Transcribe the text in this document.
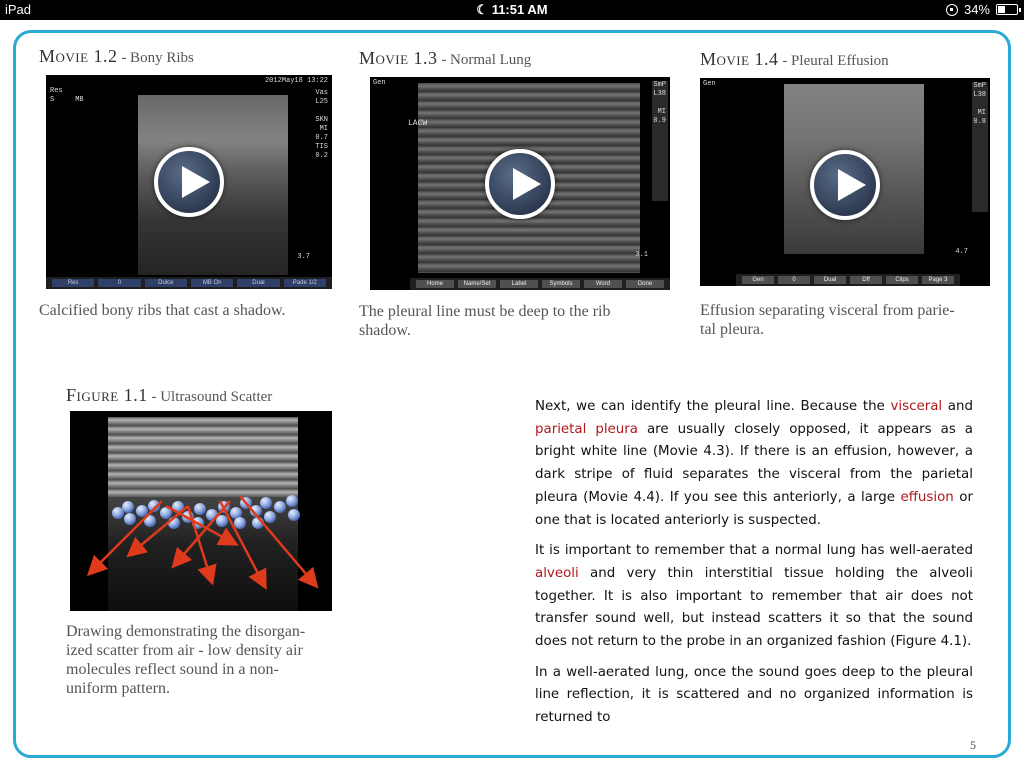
iPad	☾ 11:51 AM	34%
Movie 1.2 - Bony Ribs
Res
S     MB
2012May18 13:22
Vas
L25

SKN
MI
0.7
TIS
0.2
3.7
Res	0	Dulce	MB On	Dual	Pade 1/2
Calcified bony ribs that cast a shadow.
Movie 1.3 - Normal Lung
Gen
LACW
SmP
L38

MI
0.9
3.1
Home	Name/Set	Label	Symbols	Word	Done
The pleural line must be deep to the rib shadow.
Movie 1.4 - Pleural Effusion
Gen	SmP
L38

MI
0.8
4.7
Gen	0	Dual	Dff	Clips	Page 3
Effusion separating visceral from parie-
tal pleura.
Figure 1.1 - Ultrasound Scatter
Drawing demonstrating the disorgan-
ized scatter from air - low density air
molecules reflect sound in a non-
uniform pattern.

Next, we can identify the pleural line. Because the visceral and parietal pleura are usually closely opposed, it appears as a bright white line (Movie 4.3). If there is an effusion, however, a dark stripe of fluid separates the visceral from the parietal pleura (Movie 4.4). If you see this anteriorly, a large effusion or one that is located anteriorly is suspected.

It is important to remember that a normal lung has well-aerated alveoli and very thin interstitial tissue holding the alveoli together. It is also important to remember that air does not transfer sound well, but instead scatters it so that the sound does not return to the probe in an organized fashion (Figure 4.1).

In a well-aerated lung, once the sound goes deep to the pleural line reflection, it is scattered and no organized information is returned to

5
